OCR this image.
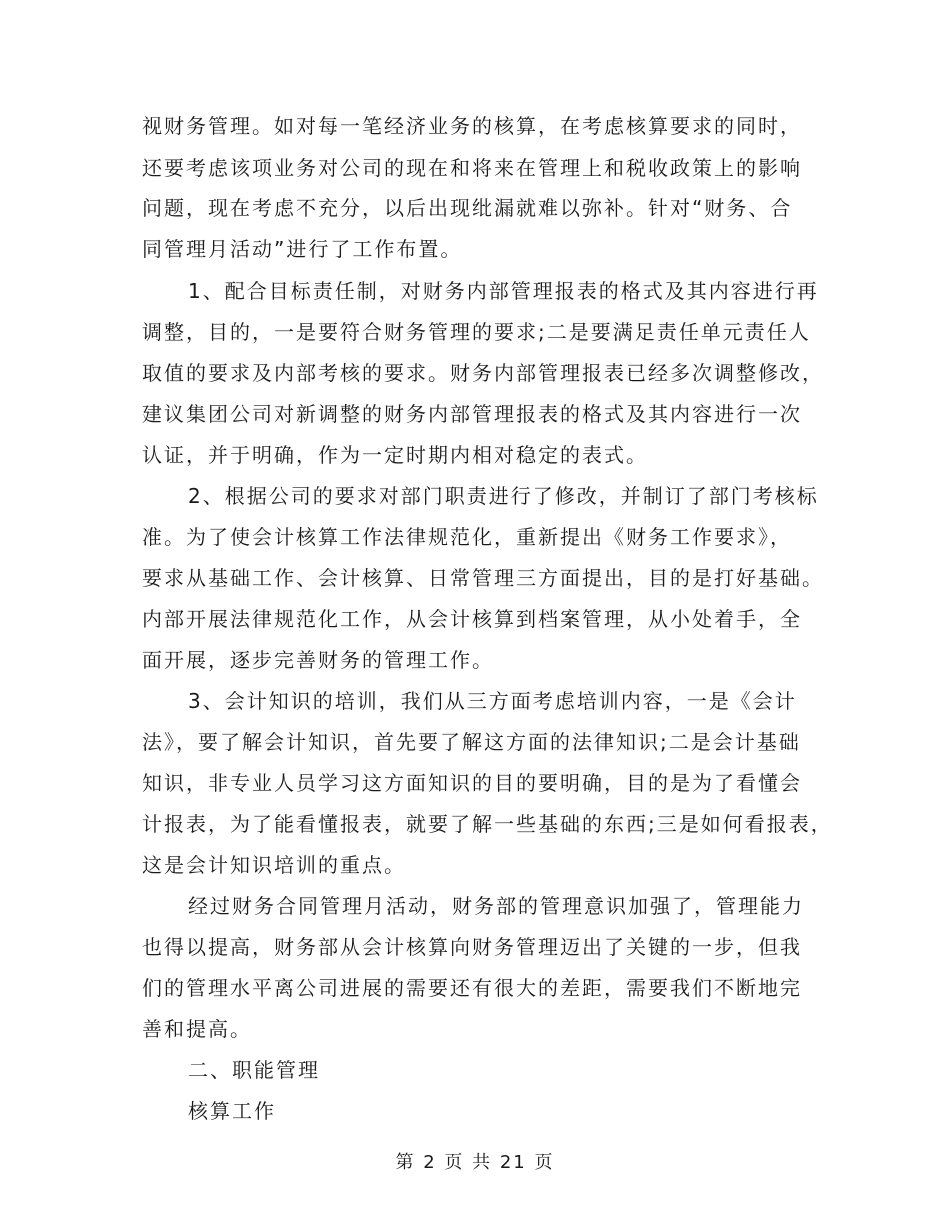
视财务管理。如对每一笔经济业务的核算，在考虑核算要求的同时，
还要考虑该项业务对公司的现在和将来在管理上和税收政策上的影响
问题，现在考虑不充分，以后出现纰漏就难以弥补。针对“财务、合
同管理月活动”进行了工作布置。
1、配合目标责任制，对财务内部管理报表的格式及其内容进行再
调整，目的，一是要符合财务管理的要求;二是要满足责任单元责任人
取值的要求及内部考核的要求。财务内部管理报表已经多次调整修改，
建议集团公司对新调整的财务内部管理报表的格式及其内容进行一次
认证，并于明确，作为一定时期内相对稳定的表式。
2、根据公司的要求对部门职责进行了修改，并制订了部门考核标
准。为了使会计核算工作法律规范化，重新提出《财务工作要求》，
要求从基础工作、会计核算、日常管理三方面提出，目的是打好基础。
内部开展法律规范化工作，从会计核算到档案管理，从小处着手，全
面开展，逐步完善财务的管理工作。
3、会计知识的培训，我们从三方面考虑培训内容，一是《会计
法》，要了解会计知识，首先要了解这方面的法律知识;二是会计基础
知识，非专业人员学习这方面知识的目的要明确，目的是为了看懂会
计报表，为了能看懂报表，就要了解一些基础的东西;三是如何看报表，
这是会计知识培训的重点。
经过财务合同管理月活动，财务部的管理意识加强了，管理能力
也得以提高，财务部从会计核算向财务管理迈出了关键的一步，但我
们的管理水平离公司进展的需要还有很大的差距，需要我们不断地完
善和提高。
二、职能管理
核算工作
第 2 页 共 21 页
